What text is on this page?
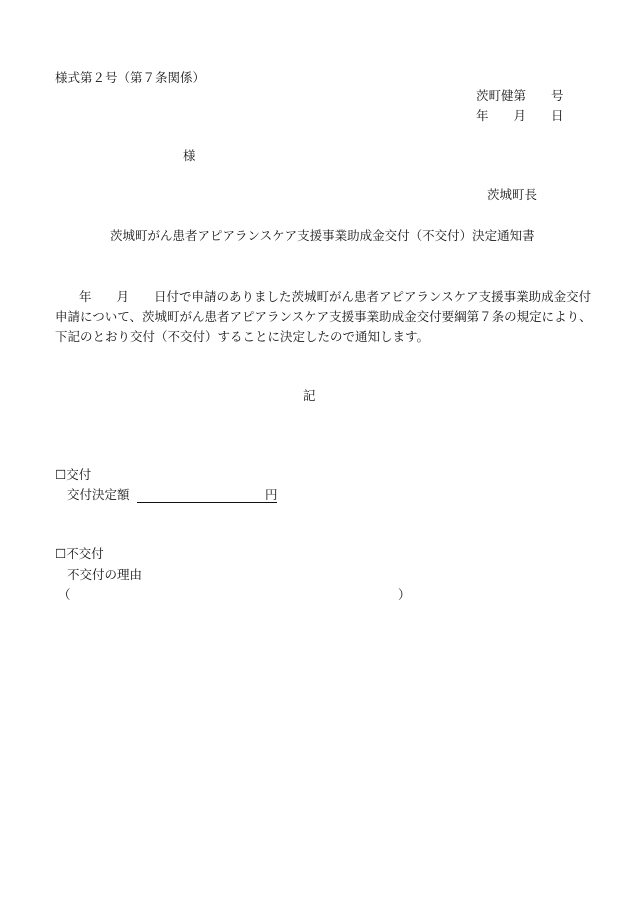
様式第２号（第７条関係）
茨町健第　　号
年　　月　　日
様
茨城町長
茨城町がん患者アピアランスケア支援事業助成金交付（不交付）決定通知書
年　　月　　日付で申請のありました茨城町がん患者アピアランスケア支援事業助成金交付
申請について、茨城町がん患者アピアランスケア支援事業助成金交付要綱第７条の規定により、
下記のとおり交付（不交付）することに決定したので通知します。
記
☐交付
交付決定額	円
☐不交付
不交付の理由
（	）
